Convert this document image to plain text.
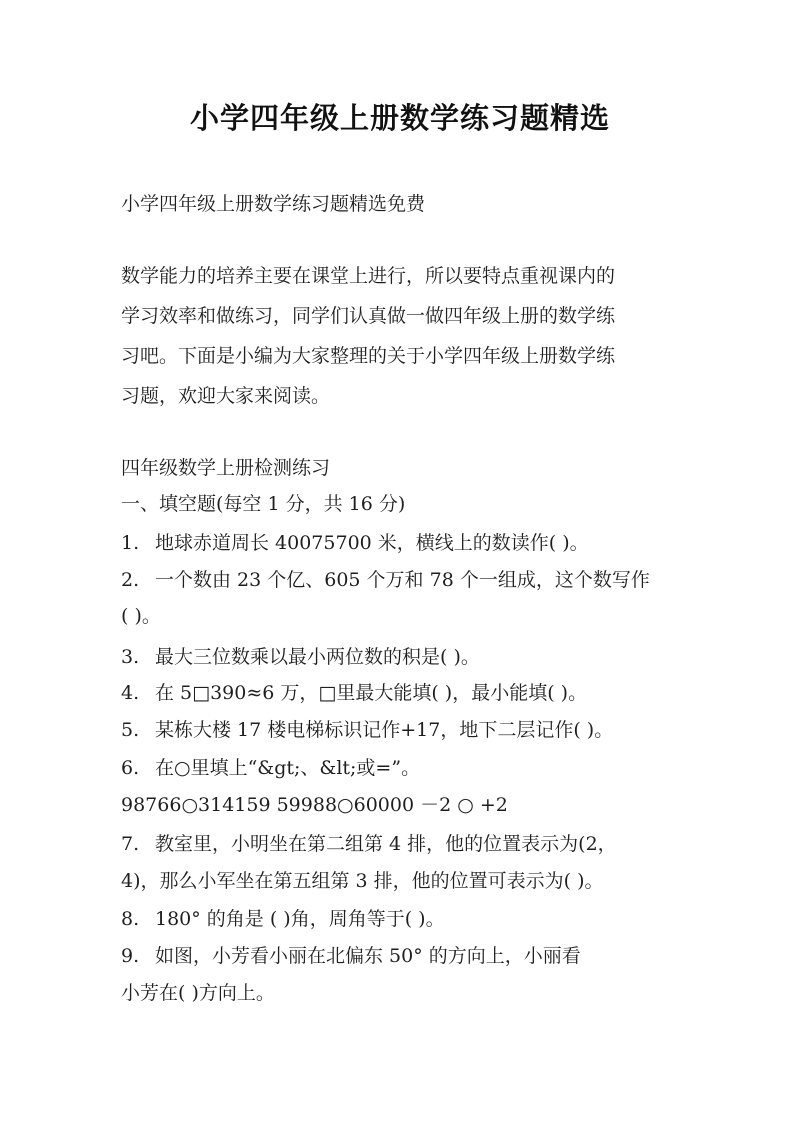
小学四年级上册数学练习题精选
小学四年级上册数学练习题精选免费
数学能力的培养主要在课堂上进行，所以要特点重视课内的
学习效率和做练习，同学们认真做一做四年级上册的数学练
习吧。下面是小编为大家整理的关于小学四年级上册数学练
习题，欢迎大家来阅读。
四年级数学上册检测练习
一、填空题(每空 1 分，共 16 分)
1. 地球赤道周长 40075700 米，横线上的数读作( )。
2. 一个数由 23 个亿、605 个万和 78 个一组成，这个数写作
( )。
3. 最大三位数乘以最小两位数的积是( )。
4. 在 5□390≈6 万，□里最大能填( )，最小能填( )。
5. 某栋大楼 17 楼电梯标识记作+17，地下二层记作( )。
6. 在○里填上“&gt;、&lt;或=”。
98766○314159 59988○60000 －2 ○ +2
7. 教室里，小明坐在第二组第 4 排，他的位置表示为(2，
4)，那么小军坐在第五组第 3 排，他的位置可表示为( )。
8. 180° 的角是 ( )角，周角等于( )。
9. 如图，小芳看小丽在北偏东 50° 的方向上，小丽看
小芳在( )方向上。
